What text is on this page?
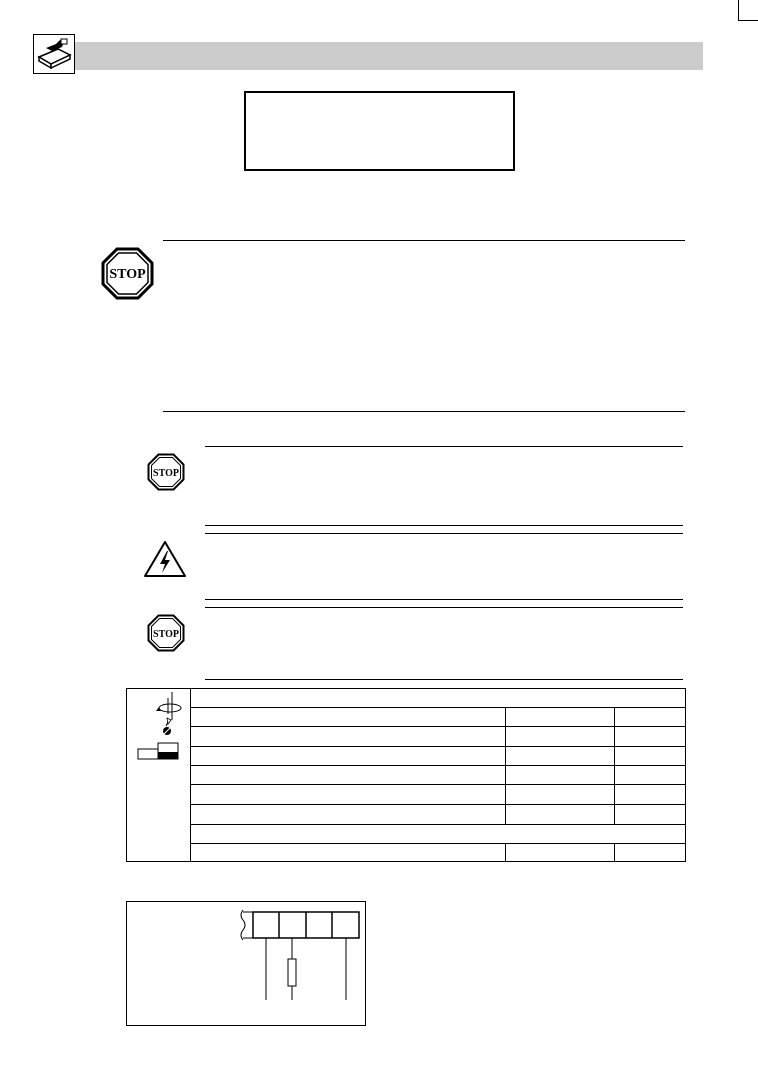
STOP
STOP
STOP
